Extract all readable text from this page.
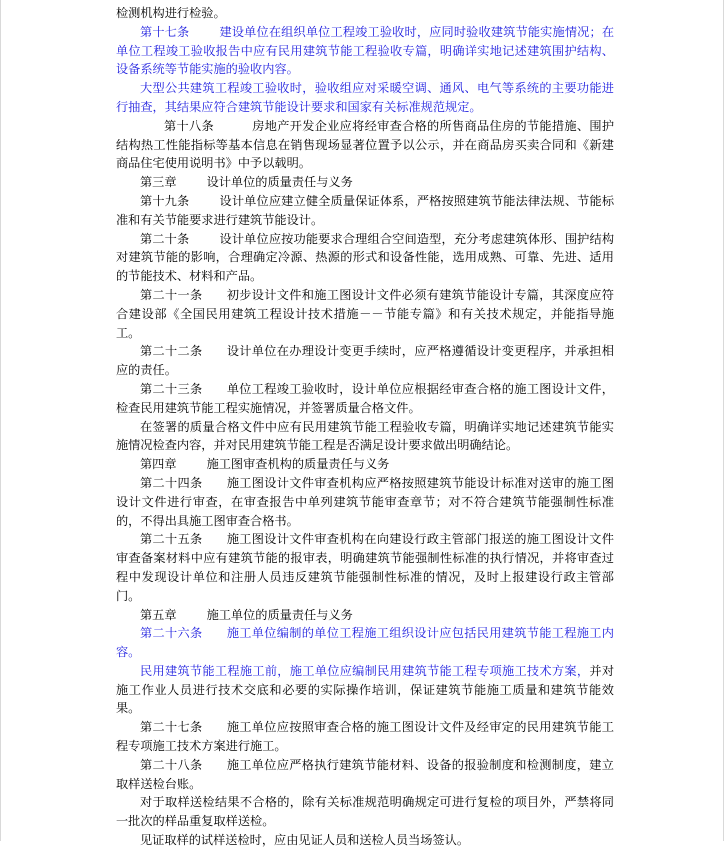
检测机构进行检验。

第十七条 建设单位在组织单位工程竣工验收时，应同时验收建筑节能实施情况；在单位工程竣工验收报告中应有民用建筑节能工程验收专篇，明确详实地记述建筑围护结构、设备系统等节能实施的验收内容。

大型公共建筑工程竣工验收时，验收组应对采暖空调、通风、电气等系统的主要功能进行抽查，其结果应符合建筑节能设计要求和国家有关标准规范规定。

第十八条	房地产开发企业应将经审查合格的所售商品住房的节能措施、围护结构热工性能指标等基本信息在销售现场显著位置予以公示，并在商品房买卖合同和《新建商品住宅使用说明书》中予以载明。

第三章 设计单位的质量责任与义务

第十九条 设计单位应建立健全质量保证体系，严格按照建筑节能法律法规、节能标准和有关节能要求进行建筑节能设计。

第二十条 设计单位应按功能要求合理组合空间造型，充分考虑建筑体形、围护结构对建筑节能的影响，合理确定冷源、热源的形式和设备性能，选用成熟、可靠、先进、适用的节能技术、材料和产品。

第二十一条 初步设计文件和施工图设计文件必须有建筑节能设计专篇，其深度应符合建设部《全国民用建筑工程设计技术措施－－节能专篇》和有关技术规定，并能指导施工。

第二十二条 设计单位在办理设计变更手续时，应严格遵循设计变更程序，并承担相应的责任。

第二十三条 单位工程竣工验收时，设计单位应根据经审查合格的施工图设计文件，检查民用建筑节能工程实施情况，并签署质量合格文件。

在签署的质量合格文件中应有民用建筑节能工程验收专篇，明确详实地记述建筑节能实施情况检查内容，并对民用建筑节能工程是否满足设计要求做出明确结论。

第四章 施工图审查机构的质量责任与义务

第二十四条 施工图设计文件审查机构应严格按照建筑节能设计标准对送审的施工图设计文件进行审查，在审查报告中单列建筑节能审查章节；对不符合建筑节能强制性标准的，不得出具施工图审查合格书。

第二十五条 施工图设计文件审查机构在向建设行政主管部门报送的施工图设计文件审查备案材料中应有建筑节能的报审表，明确建筑节能强制性标准的执行情况，并将审查过程中发现设计单位和注册人员违反建筑节能强制性标准的情况，及时上报建设行政主管部门。

第五章 施工单位的质量责任与义务

第二十六条 施工单位编制的单位工程施工组织设计应包括民用建筑节能工程施工内容。

民用建筑节能工程施工前，施工单位应编制民用建筑节能工程专项施工技术方案，并对施工作业人员进行技术交底和必要的实际操作培训，保证建筑节能施工质量和建筑节能效果。

第二十七条 施工单位应按照审查合格的施工图设计文件及经审定的民用建筑节能工程专项施工技术方案进行施工。

第二十八条 施工单位应严格执行建筑节能材料、设备的报验制度和检测制度，建立取样送检台账。

对于取样送检结果不合格的，除有关标准规范明确规定可进行复检的项目外，严禁将同一批次的样品重复取样送检。

见证取样的试样送检时，应由见证人员和送检人员当场签认。
